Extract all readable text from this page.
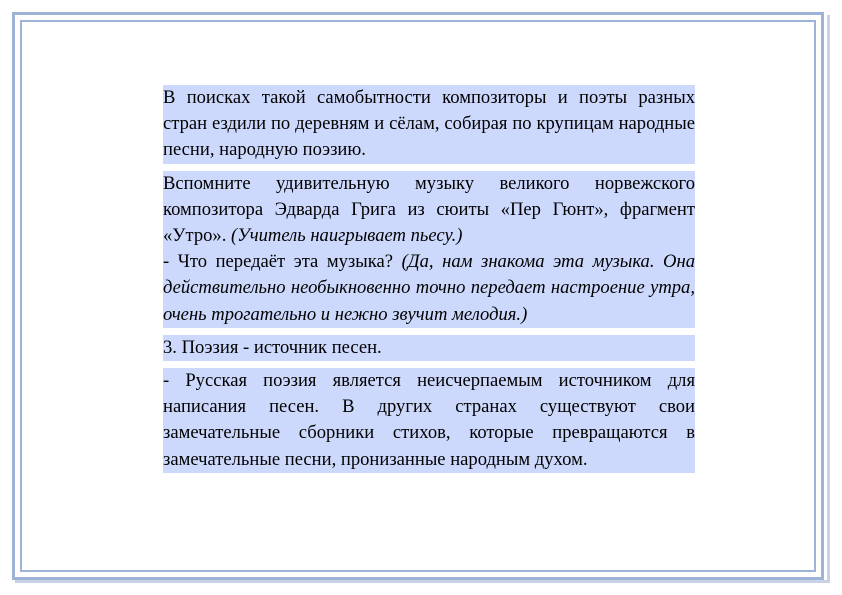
В поисках такой самобытности композиторы и поэты разных стран ездили по деревням и сёлам, собирая по крупицам народные песни, народную поэзию.

Вспомните удивительную музыку великого норвежского композитора Эдварда Грига из сюиты «Пер Гюнт», фрагмент «Утро». (Учитель наигрывает пьесу.)

- Что передаёт эта музыка? (Да, нам знакома эта музыка. Она действительно необыкновенно точно передает настроение утра, очень трогательно и нежно звучит мелодия.)

3. Поэзия - источник песен.

- Русская поэзия является неисчерпаемым источником для написания песен. В других странах существуют свои замечательные сборники стихов, которые превращаются в замечательные песни, пронизанные народным духом.
